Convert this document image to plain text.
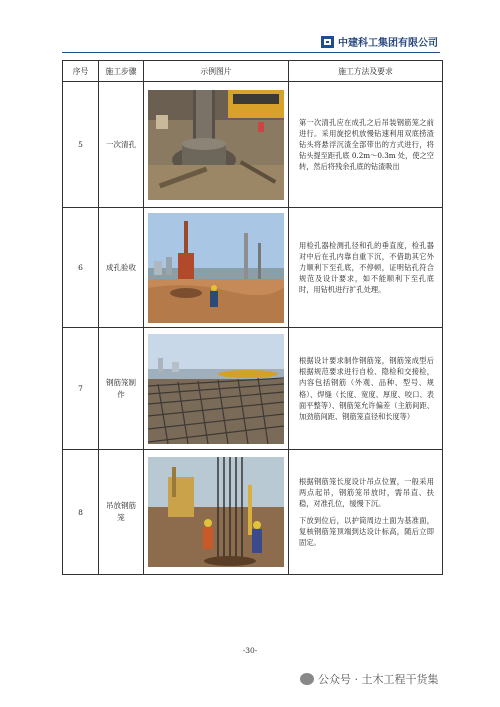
中建科工集团有限公司
序号	施工步骤	示例图片	施工方法及要求
5	一次清孔		第一次清孔应在成孔之后吊装钢筋笼之前进行。采用旋挖机放慢钻速利用双底捞渣钻头将悬浮沉渣全部带出的方式进行，将钻头提至距孔底 0.2m～0.3m 处，使之空转，然后将残余孔底的钻渣吸出
6	成孔验收		用检孔器检测孔径和孔的垂直度，检孔器对中后在孔内靠自重下沉，不借助其它外力顺利下至孔底，不停顿，证明钻孔符合规范及设计要求，如不能顺利下至孔底时，用钻机进行扩孔处理。
7	钢筋笼制作		根据设计要求制作钢筋笼，钢筋笼成型后根据规范要求进行自检、隐检和交接检，内容包括钢筋（外观、品种、型号、规格）、焊缝（长度、宽度、厚度、咬口、表面平整等）、钢筋笼允许偏差（主筋间距、加劲筋间距、钢筋笼直径和长度等）
8	吊放钢筋笼		根据钢筋笼长度设计吊点位置，一般采用两点起吊，钢筋笼吊放时，需吊直、扶稳，对准孔位，缓慢下沉。
下放到位后，以护筒周边土面为基准面，复核钢筋笼顶端到达设计标高，随后立即固定。
-30-
公众号 · 土木工程干货集
